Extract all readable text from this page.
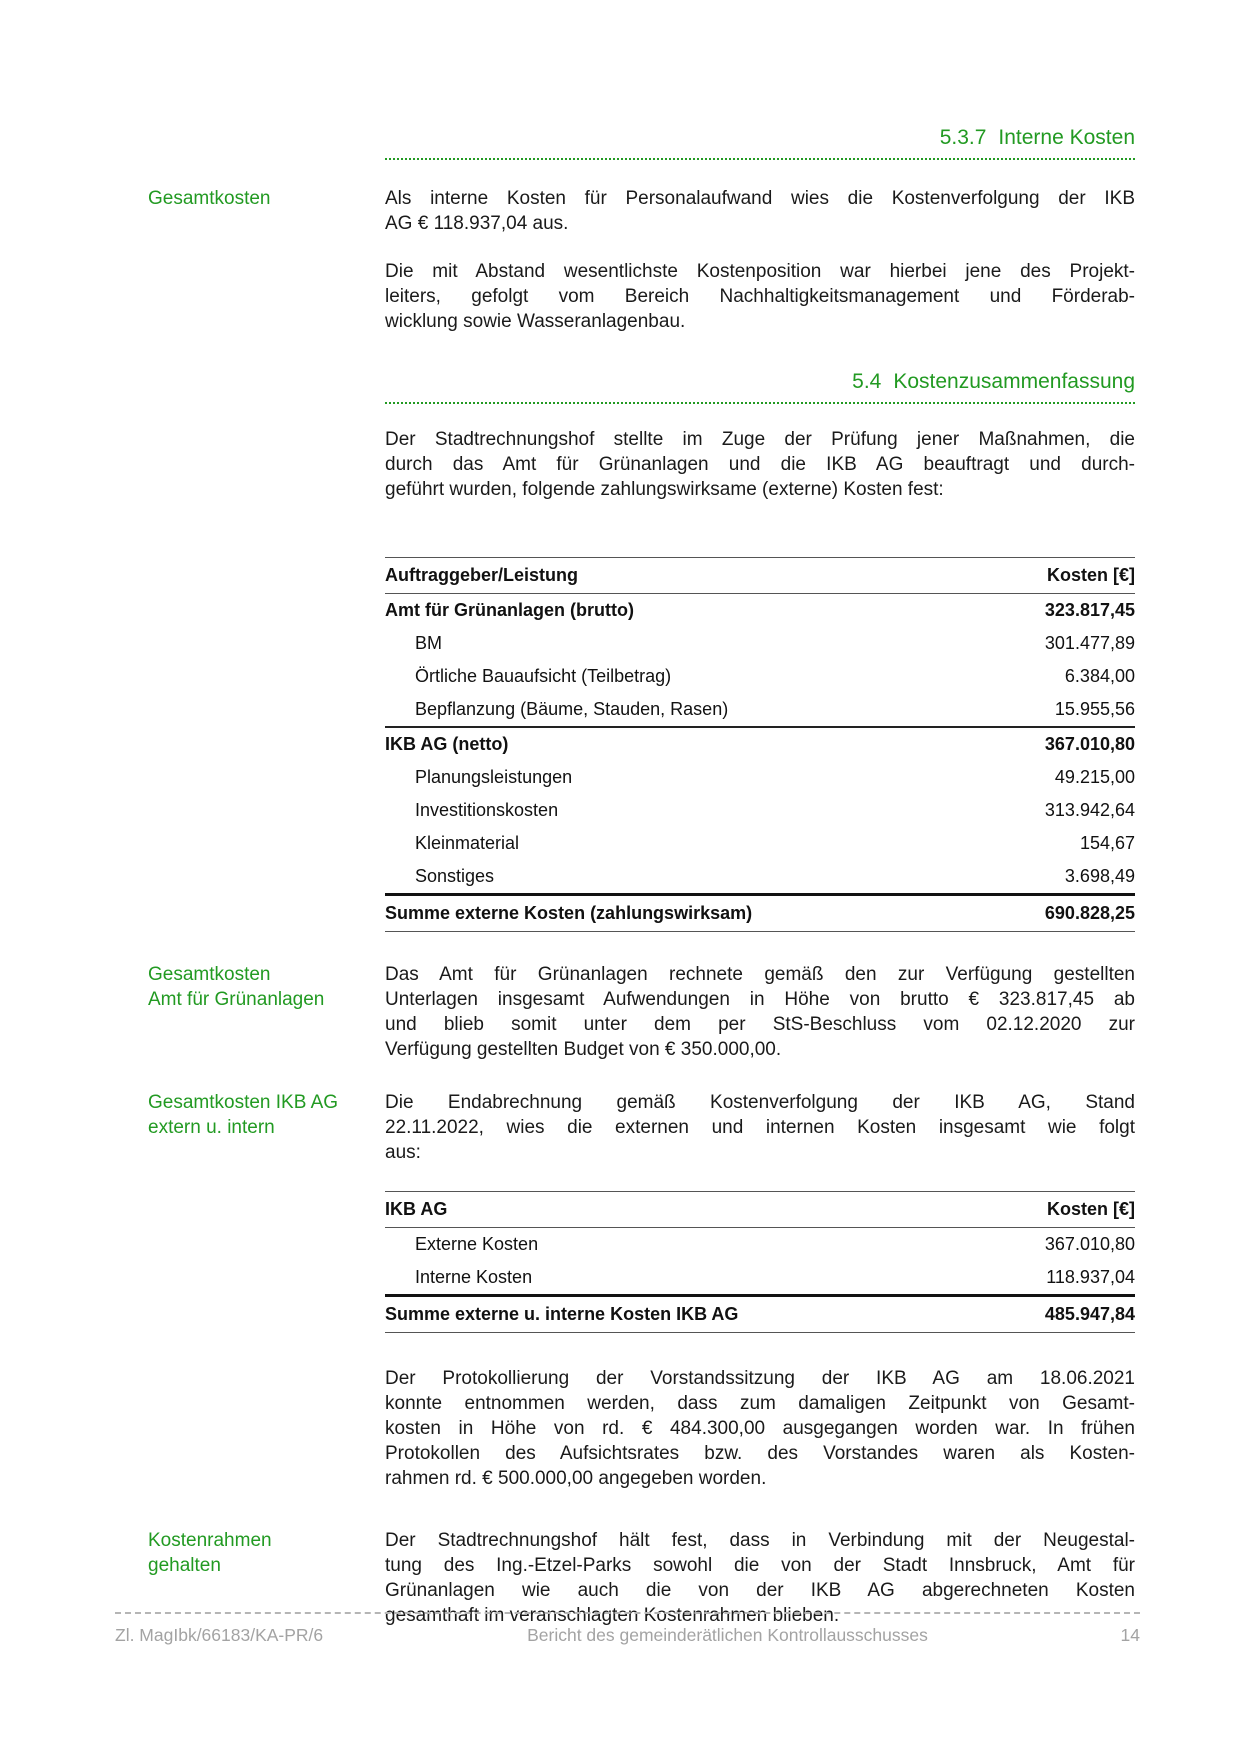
5.3.7 Interne Kosten
Gesamtkosten	Als interne Kosten für Personalaufwand wies die Kostenverfolgung der IKB
AG € 118.937,04 aus.
Die mit Abstand wesentlichste Kostenposition war hierbei jene des Projekt-
leiters, gefolgt vom Bereich Nachhaltigkeitsmanagement und Förderab-
wicklung sowie Wasseranlagenbau.
5.4 Kostenzusammenfassung
Der Stadtrechnungshof stellte im Zuge der Prüfung jener Maßnahmen, die
durch das Amt für Grünanlagen und die IKB AG beauftragt und durch-
geführt wurden, folgende zahlungswirksame (externe) Kosten fest:
Auftraggeber/Leistung	Kosten [€]
Amt für Grünanlagen (brutto)	323.817,45
BM	301.477,89
Örtliche Bauaufsicht (Teilbetrag)	6.384,00
Bepflanzung (Bäume, Stauden, Rasen)	15.955,56
IKB AG (netto)	367.010,80
Planungsleistungen	49.215,00
Investitionskosten	313.942,64
Kleinmaterial	154,67
Sonstiges	3.698,49
Summe externe Kosten (zahlungswirksam)	690.828,25
Gesamtkosten
Amt für Grünanlagen
Das Amt für Grünanlagen rechnete gemäß den zur Verfügung gestellten
Unterlagen insgesamt Aufwendungen in Höhe von brutto € 323.817,45 ab
und blieb somit unter dem per StS-Beschluss vom 02.12.2020 zur
Verfügung gestellten Budget von € 350.000,00.
Gesamtkosten IKB AG
extern u. intern
Die Endabrechnung gemäß Kostenverfolgung der IKB AG, Stand
22.11.2022, wies die externen und internen Kosten insgesamt wie folgt
aus:
IKB AG	Kosten [€]
Externe Kosten	367.010,80
Interne Kosten	118.937,04
Summe externe u. interne Kosten IKB AG	485.947,84
Der Protokollierung der Vorstandssitzung der IKB AG am 18.06.2021
konnte entnommen werden, dass zum damaligen Zeitpunkt von Gesamt-
kosten in Höhe von rd. € 484.300,00 ausgegangen worden war. In frühen
Protokollen des Aufsichtsrates bzw. des Vorstandes waren als Kosten-
rahmen rd. € 500.000,00 angegeben worden.
Kostenrahmen
gehalten
Der Stadtrechnungshof hält fest, dass in Verbindung mit der Neugestal-
tung des Ing.-Etzel-Parks sowohl die von der Stadt Innsbruck, Amt für
Grünanlagen wie auch die von der IKB AG abgerechneten Kosten
gesamthaft im veranschlagten Kostenrahmen blieben.
Zl. MagIbk/66183/KA-PR/6	Bericht des gemeinderätlichen Kontrollausschusses	14
